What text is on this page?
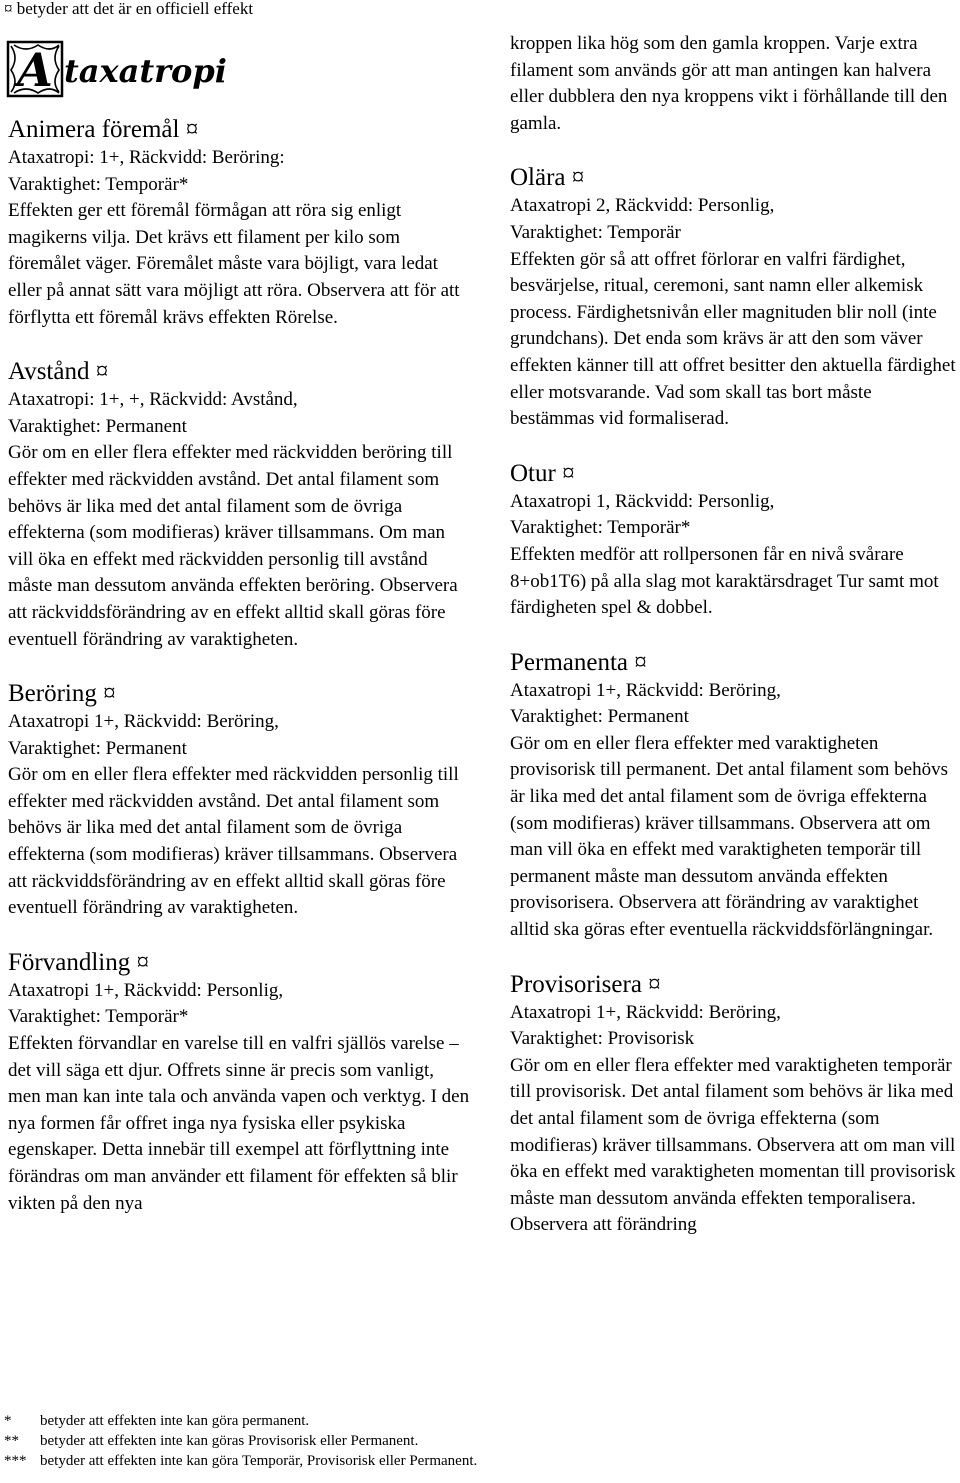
¤ betyder att det är en officiell effekt
A taxatropi
Animera föremål ¤
Ataxatropi: 1+, Räckvidd: Beröring:
Varaktighet: Temporär*
Effekten ger ett föremål förmågan att röra sig enligt magikerns vilja. Det krävs ett filament per kilo som föremålet väger. Föremålet måste vara böjligt, vara ledat eller på annat sätt vara möjligt att röra. Observera att för att förflytta ett föremål krävs effekten Rörelse.
Avstånd ¤
Ataxatropi: 1+, +, Räckvidd: Avstånd,
Varaktighet: Permanent
Gör om en eller flera effekter med räckvidden beröring till effekter med räckvidden avstånd. Det antal filament som behövs är lika med det antal filament som de övriga effekterna (som modifieras) kräver tillsammans. Om man vill öka en effekt med räckvidden personlig till avstånd måste man dessutom använda effekten beröring. Observera att räckviddsförändring av en effekt alltid skall göras före eventuell förändring av varaktigheten.
Beröring ¤
Ataxatropi 1+, Räckvidd: Beröring,
Varaktighet: Permanent
Gör om en eller flera effekter med räckvidden personlig till effekter med räckvidden avstånd. Det antal filament som behövs är lika med det antal filament som de övriga effekterna (som modifieras) kräver tillsammans. Observera att räckviddsförändring av en effekt alltid skall göras före eventuell förändring av varaktigheten.
Förvandling ¤
Ataxatropi 1+, Räckvidd: Personlig,
Varaktighet: Temporär*
Effekten förvandlar en varelse till en valfri själlös varelse – det vill säga ett djur. Offrets sinne är precis som vanligt, men man kan inte tala och använda vapen och verktyg. I den nya formen får offret inga nya fysiska eller psykiska egenskaper. Detta innebär till exempel att förflyttning inte förändras om man använder ett filament för effekten så blir vikten på den nya
kroppen lika hög som den gamla kroppen. Varje extra filament som används gör att man antingen kan halvera eller dubblera den nya kroppens vikt i förhållande till den gamla.
Olära ¤
Ataxatropi 2, Räckvidd: Personlig,
Varaktighet: Temporär
Effekten gör så att offret förlorar en valfri färdighet, besvärjelse, ritual, ceremoni, sant namn eller alkemisk process. Färdighetsnivån eller magnituden blir noll (inte grundchans). Det enda som krävs är att den som väver effekten känner till att offret besitter den aktuella färdighet eller motsvarande. Vad som skall tas bort måste bestämmas vid formaliserad.
Otur ¤
Ataxatropi 1, Räckvidd: Personlig,
Varaktighet: Temporär*
Effekten medför att rollpersonen får en nivå svårare 8+ob1T6) på alla slag mot karaktärsdraget Tur samt mot färdigheten spel & dobbel.
Permanenta ¤
Ataxatropi 1+, Räckvidd: Beröring,
Varaktighet: Permanent
Gör om en eller flera effekter med varaktigheten provisorisk till permanent. Det antal filament som behövs är lika med det antal filament som de övriga effekterna (som modifieras) kräver tillsammans. Observera att om man vill öka en effekt med varaktigheten temporär till permanent måste man dessutom använda effekten provisorisera. Observera att förändring av varaktighet alltid ska göras efter eventuella räckviddsförlängningar.
Provisorisera ¤
Ataxatropi 1+, Räckvidd: Beröring,
Varaktighet: Provisorisk
Gör om en eller flera effekter med varaktigheten temporär till provisorisk. Det antal filament som behövs är lika med det antal filament som de övriga effekterna (som modifieras) kräver tillsammans. Observera att om man vill öka en effekt med varaktigheten momentan till provisorisk måste man dessutom använda effekten temporalisera. Observera att förändring
*	betyder att effekten inte kan göra permanent.
**	betyder att effekten inte kan göras Provisorisk eller Permanent.
*** betyder att effekten inte kan göra Temporär, Provisorisk eller Permanent.
